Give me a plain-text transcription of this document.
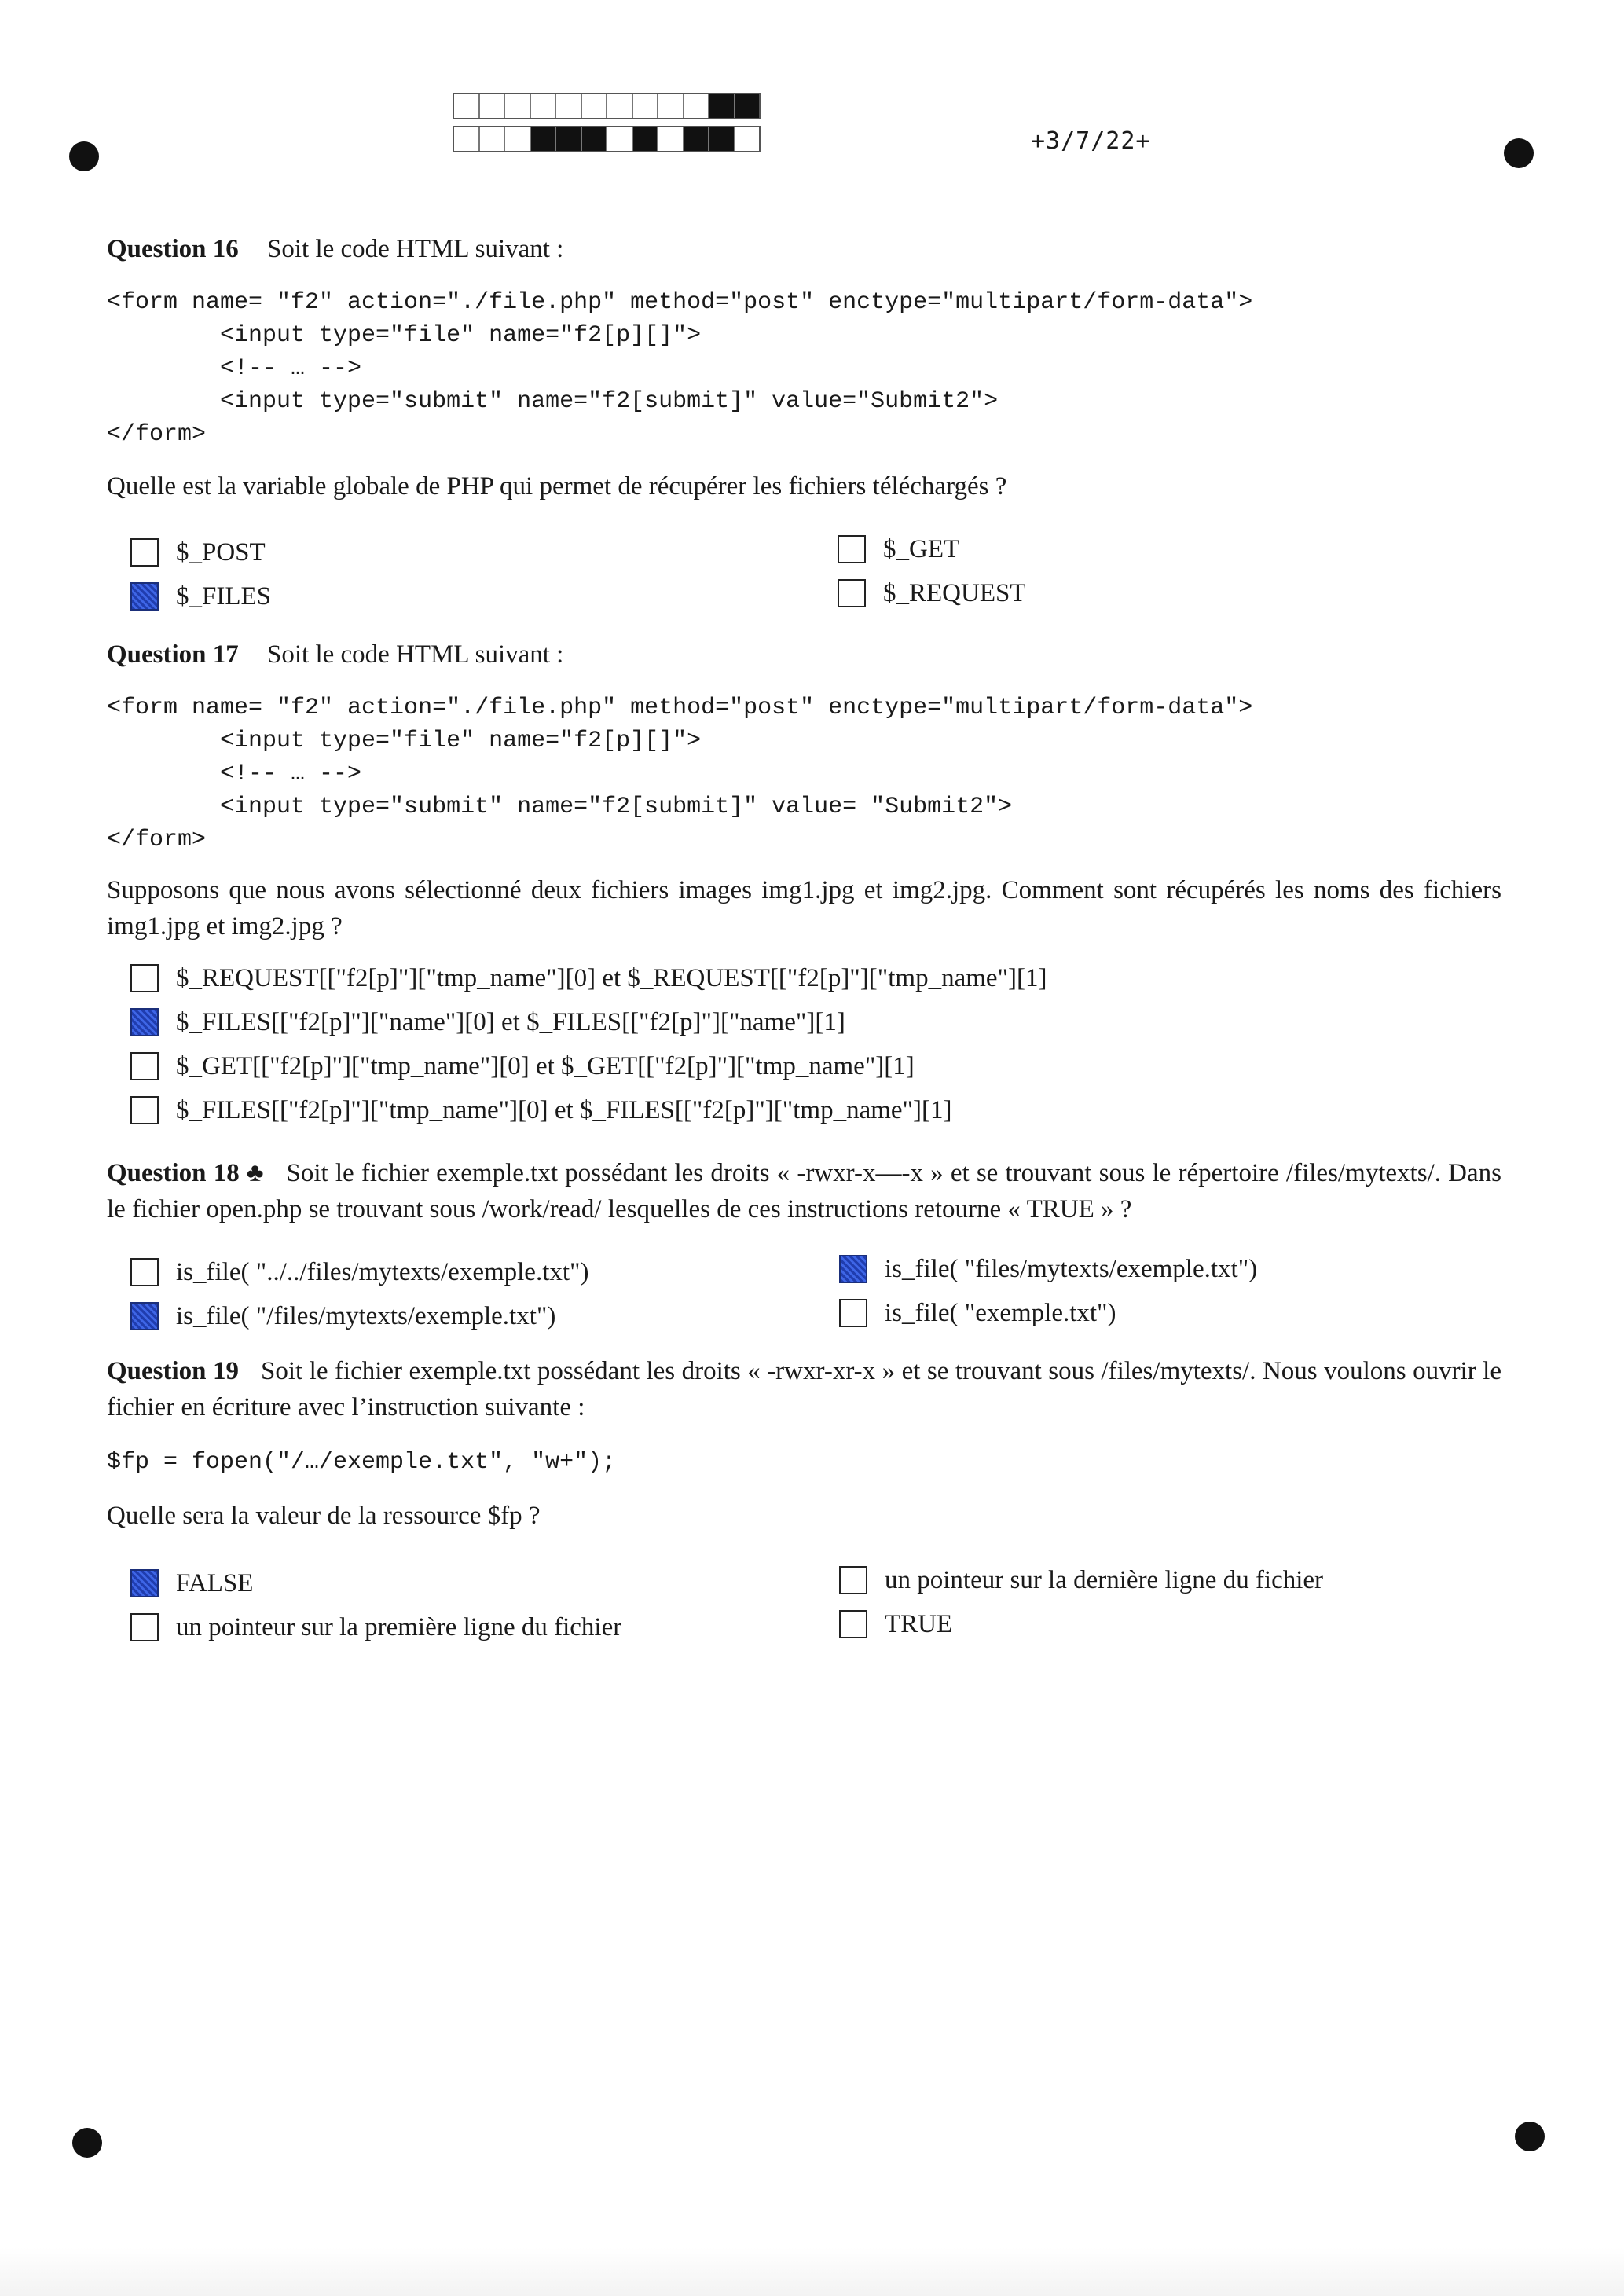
+3/7/22+
Question 16 Soit le code HTML suivant :
<form name= "f2" action="./file.php" method="post" enctype="multipart/form-data">
<input type="file" name="f2[p][]">
<!-- … -->
<input type="submit" name="f2[submit]" value="Submit2">
</form>
Quelle est la variable globale de PHP qui permet de récupérer les fichiers téléchargés ?
$_POST	$_GET
$_FILES	$_REQUEST
Question 17 Soit le code HTML suivant :
<form name= "f2" action="./file.php" method="post" enctype="multipart/form-data">
<input type="file" name="f2[p][]">
<!-- … -->
<input type="submit" name="f2[submit]" value= "Submit2">
</form>
Supposons que nous avons sélectionné deux fichiers images img1.jpg et img2.jpg. Comment sont récupérés les noms des fichiers img1.jpg et img2.jpg ?
$_REQUEST[["f2[p]"]["tmp_name"][0] et $_REQUEST[["f2[p]"]["tmp_name"][1]
$_FILES[["f2[p]"]["name"][0] et $_FILES[["f2[p]"]["name"][1]
$_GET[["f2[p]"]["tmp_name"][0] et $_GET[["f2[p]"]["tmp_name"][1]
$_FILES[["f2[p]"]["tmp_name"][0] et $_FILES[["f2[p]"]["tmp_name"][1]
Question 18 ♣ Soit le fichier exemple.txt possédant les droits « -rwxr-x—-x » et se trouvant sous le répertoire /files/mytexts/. Dans le fichier open.php se trouvant sous /work/read/ lesquelles de ces instructions retourne « TRUE » ?
is_file( "../../files/mytexts/exemple.txt")	is_file( "files/mytexts/exemple.txt")
is_file( "/files/mytexts/exemple.txt")	is_file( "exemple.txt")
Question 19 Soit le fichier exemple.txt possédant les droits « -rwxr-xr-x » et se trouvant sous /files/mytexts/. Nous voulons ouvrir le fichier en écriture avec l’instruction suivante :
$fp = fopen("/…/exemple.txt", "w+");
Quelle sera la valeur de la ressource $fp ?
FALSE	un pointeur sur la dernière ligne du fichier
un pointeur sur la première ligne du fichier	TRUE
